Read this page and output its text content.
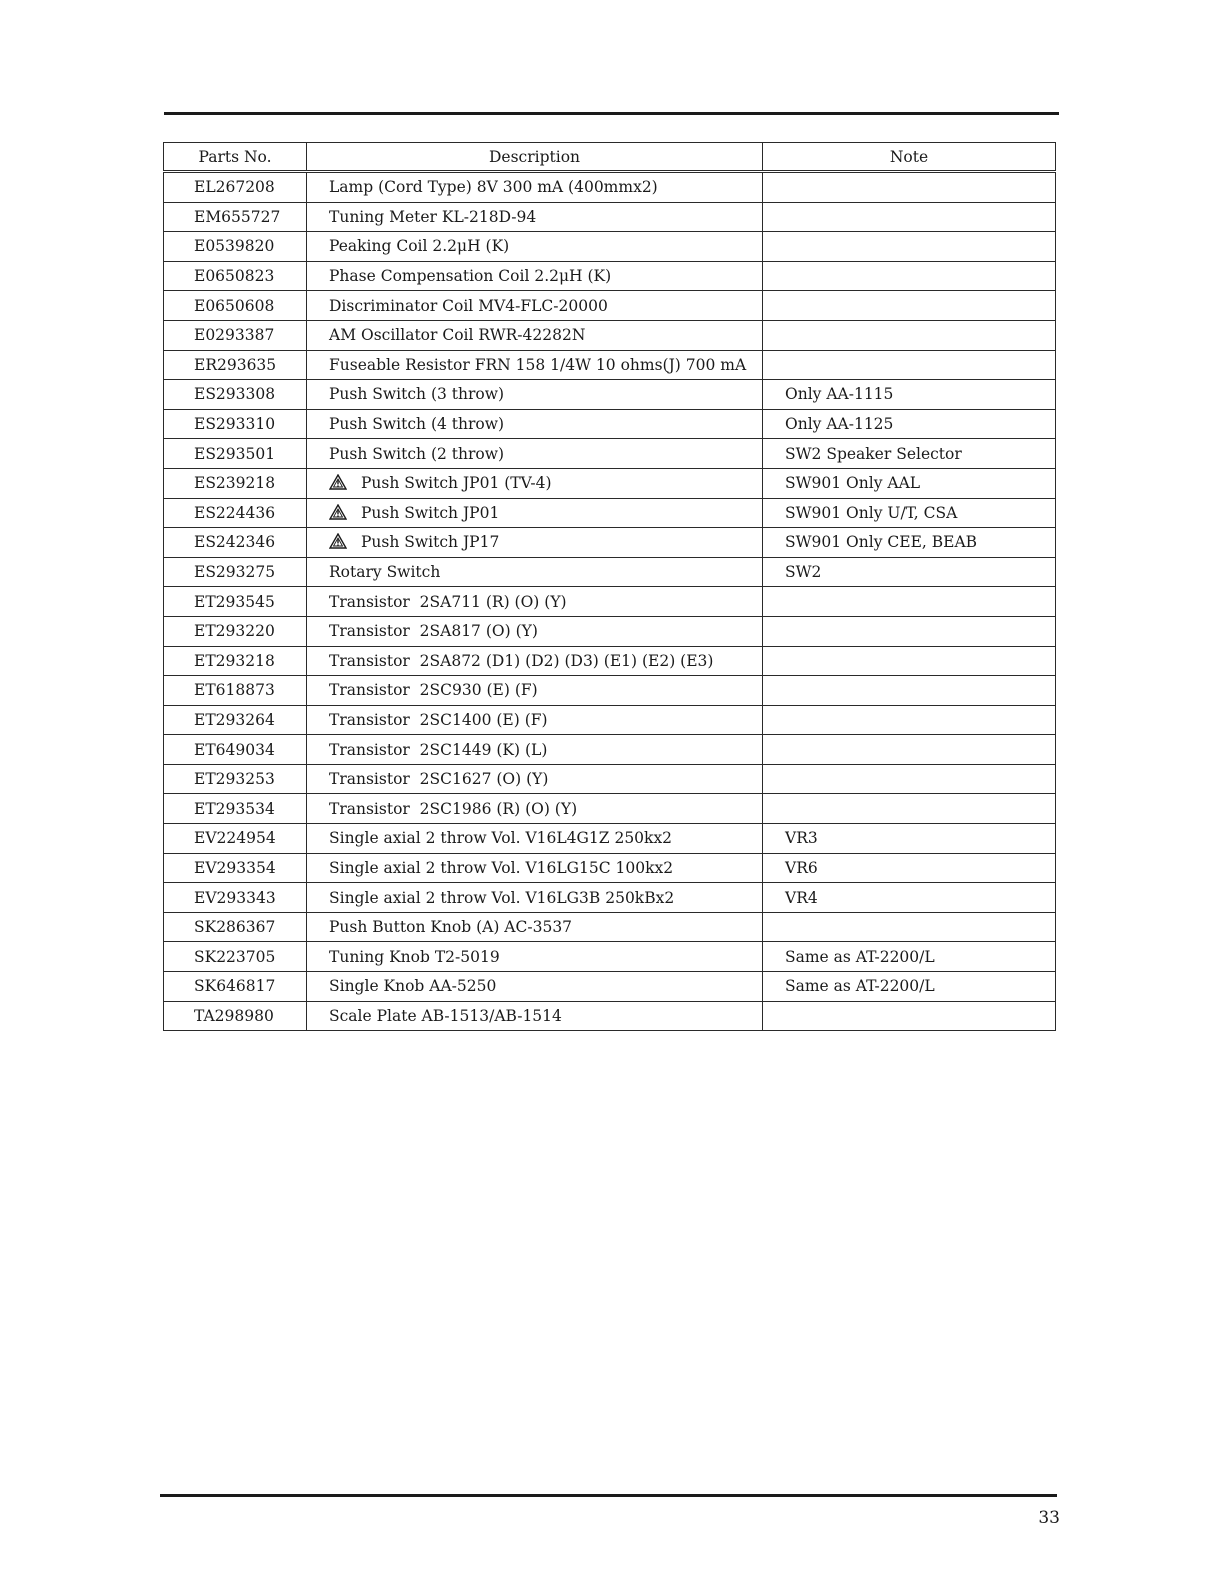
Parts No.	Description	Note
EL267208	Lamp (Cord Type) 8V 300 mA (400mmx2)	
EM655727	Tuning Meter KL-218D-94	
E0539820	Peaking Coil 2.2μH (K)	
E0650823	Phase Compensation Coil 2.2μH (K)	
E0650608	Discriminator Coil MV4-FLC-20000	
E0293387	AM Oscillator Coil RWR-42282N	
ER293635	Fuseable Resistor FRN 158 1/4W 10 ohms(J) 700 mA	
ES293308	Push Switch (3 throw)	Only AA-1115
ES293310	Push Switch (4 throw)	Only AA-1125
ES293501	Push Switch (2 throw)	SW2 Speaker Selector
ES239218	Push Switch JP01 (TV-4)	SW901 Only AAL
ES224436	Push Switch JP01	SW901 Only U/T, CSA
ES242346	Push Switch JP17	SW901 Only CEE, BEAB
ES293275	Rotary Switch	SW2
ET293545	Transistor  2SA711 (R) (O) (Y)	
ET293220	Transistor  2SA817 (O) (Y)	
ET293218	Transistor  2SA872 (D1) (D2) (D3) (E1) (E2) (E3)	
ET618873	Transistor  2SC930 (E) (F)	
ET293264	Transistor  2SC1400 (E) (F)	
ET649034	Transistor  2SC1449 (K) (L)	
ET293253	Transistor  2SC1627 (O) (Y)	
ET293534	Transistor  2SC1986 (R) (O) (Y)	
EV224954	Single axial 2 throw Vol. V16L4G1Z 250kx2	VR3
EV293354	Single axial 2 throw Vol. V16LG15C 100kx2	VR6
EV293343	Single axial 2 throw Vol. V16LG3B 250kBx2	VR4
SK286367	Push Button Knob (A) AC-3537	
SK223705	Tuning Knob T2-5019	Same as AT-2200/L
SK646817	Single Knob AA-5250	Same as AT-2200/L
TA298980	Scale Plate AB-1513/AB-1514	
33
